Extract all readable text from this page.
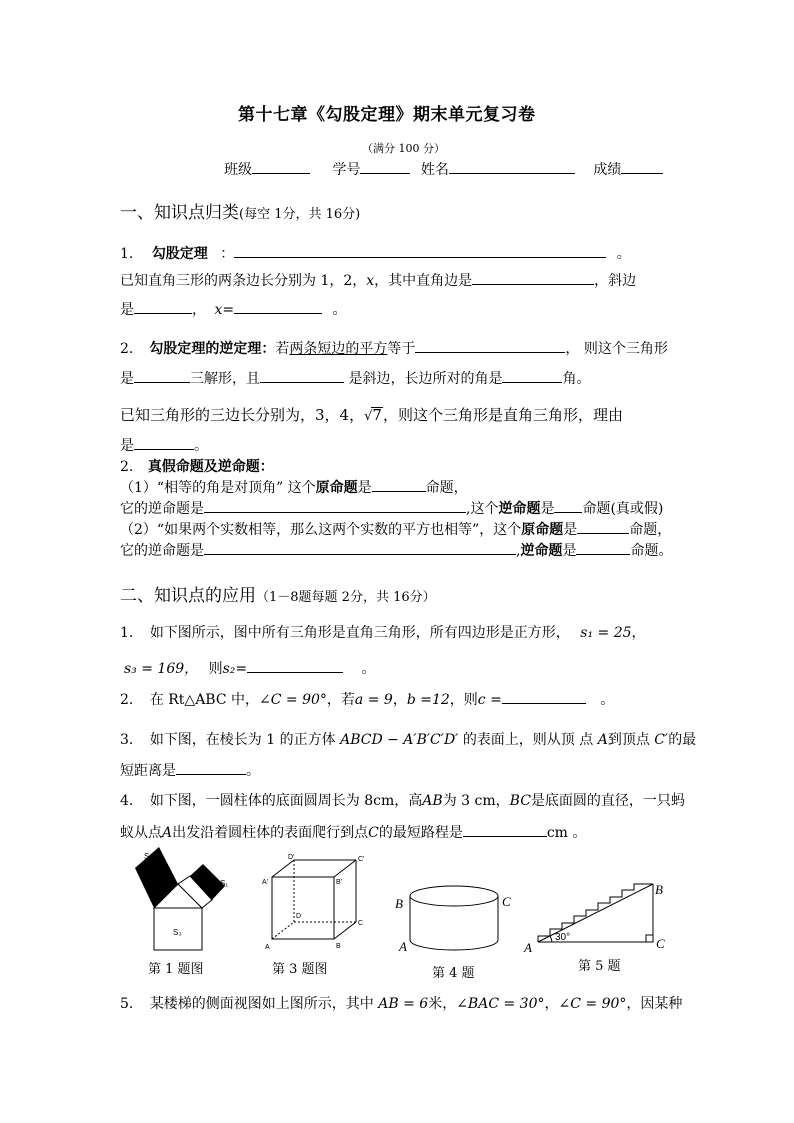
第十七章《勾股定理》期末单元复习卷
（满分 100 分）
班级	学号	姓名	成绩
一、知识点归类(每空 1分，共 16分)
1. 勾股定理 ：	。
已知直角三形的两条边长分别为 1，2，x，其中直角边是	，斜边
是	， x=	。
2． 勾股定理的逆定理：若两条短边的平方等于	， 则这个三角形
是	三解形，且	是斜边，长边所对的角是	角。
已知三角形的三边长分别为，3，4，√7，则这个三角形是直角三角形，理由
是	。
2. 真假命题及逆命题：
（1）“相等的角是对顶角” 这个原命题是	命题，
它的逆命题是	,这个逆命题是 命题(真或假)
（2）“如果两个实数相等，那么这两个实数的平方也相等”，这个原命题是	命题，
它的逆命题是	,逆命题是	命题。
二、知识点的应用（1－8题每题 2分，共 16分）
1. 如下图所示，图中所有三角形是直角三角形，所有四边形是正方形， s₁ = 25，
s₃ = 169， 则s₂=	。
2. 在 Rt△ABC 中，∠C = 90°，若a = 9，b =12，则c =	。
3. 如下图，在棱长为 1 的正方体 ABCD − A′B′C′D′ 的表面上，则从顶 点 A到顶点 C′的最
短距离是	。
4. 如下图，一圆柱体的底面圆周长为 8cm，高AB为 3 cm，BC是底面圆的直径，一只蚂
蚁从点A出发沿着圆柱体的表面爬行到点C的最短路程是	cm 。
S₂
S₁
S₃
第 1 题图
A	B
C
D
A'	B'
C'
D'
第 3 题图
B	C
A
第 4 题
30°
A
B
C
第 5 题
5. 某楼梯的侧面视图如上图所示，其中 AB = 6米，∠BAC = 30°，∠C = 90°，因某种
